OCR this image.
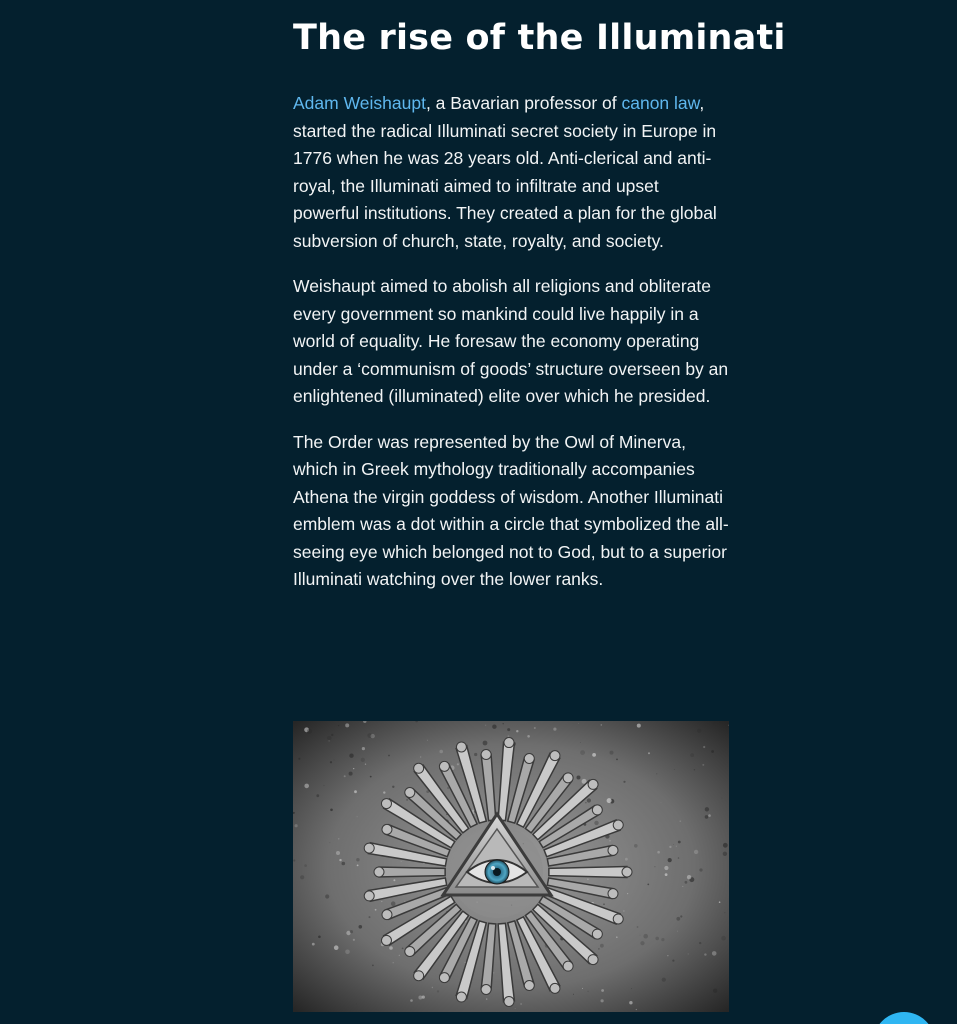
The rise of the Illuminati

Adam Weishaupt, a Bavarian professor of canon law, started the radical Illuminati secret society in Europe in 1776 when he was 28 years old. Anti-clerical and anti-royal, the Illuminati aimed to infiltrate and upset powerful institutions. They created a plan for the global subversion of church, state, royalty, and society.

Weishaupt aimed to abolish all religions and obliterate every government so mankind could live happily in a world of equality. He foresaw the economy operating under a ‘communism of goods’ structure overseen by an enlightened (illuminated) elite over which he presided.

The Order was represented by the Owl of Minerva, which in Greek mythology traditionally accompanies Athena the virgin goddess of wisdom. Another Illuminati emblem was a dot within a circle that symbolized the all-seeing eye which belonged not to God, but to a superior Illuminati watching over the lower ranks.
